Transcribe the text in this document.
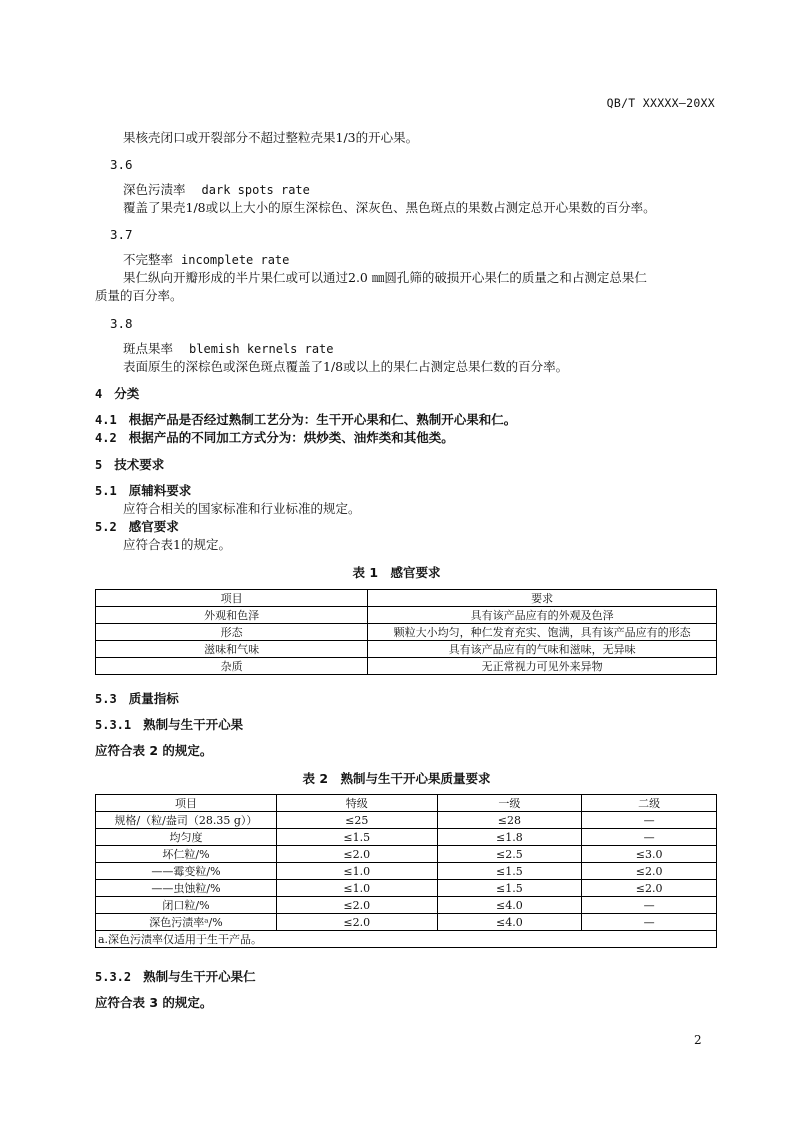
QB/T XXXXX—20XX
果核壳闭口或开裂部分不超过整粒壳果1/3的开心果。
3.6
深色污渍率 dark spots rate
覆盖了果壳1/8或以上大小的原生深棕色、深灰色、黑色斑点的果数占测定总开心果数的百分率。
3.7
不完整率 incomplete rate
果仁纵向开瓣形成的半片果仁或可以通过2.0 ㎜圆孔筛的破损开心果仁的质量之和占测定总果仁
质量的百分率。
3.8
斑点果率 blemish kernels rate
表面原生的深棕色或深色斑点覆盖了1/8或以上的果仁占测定总果仁数的百分率。
4 分类
4.1 根据产品是否经过熟制工艺分为：生干开心果和仁、熟制开心果和仁。
4.2 根据产品的不同加工方式分为：烘炒类、油炸类和其他类。
5 技术要求
5.1 原辅料要求
应符合相关的国家标准和行业标准的规定。
5.2 感官要求
应符合表1的规定。
表 1　感官要求
项目	要求
外观和色泽	具有该产品应有的外观及色泽
形态	颗粒大小均匀，种仁发育充实、饱满，具有该产品应有的形态
滋味和气味	具有该产品应有的气味和滋味，无异味
杂质	无正常视力可见外来异物
5.3 质量指标
5.3.1 熟制与生干开心果
应符合表 2 的规定。
表 2　熟制与生干开心果质量要求
项目	特级	一级	二级
规格/（粒/盎司（28.35 g））	≤25	≤28	—
均匀度	≤1.5	≤1.8	—
坏仁粒/%	≤2.0	≤2.5	≤3.0
——霉变粒/%	≤1.0	≤1.5	≤2.0
——虫蚀粒/%	≤1.0	≤1.5	≤2.0
闭口粒/%	≤2.0	≤4.0	—
深色污渍率ᵃ/%	≤2.0	≤4.0	—
a.深色污渍率仅适用于生干产品。			
5.3.2 熟制与生干开心果仁
应符合表 3 的规定。
2
